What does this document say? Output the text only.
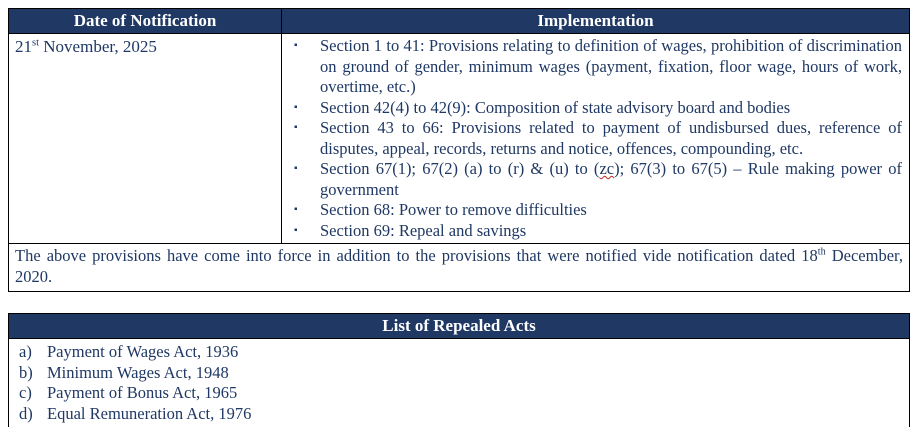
Date of Notification	Implementation
21st November, 2025	▪	Section 1 to 41: Provisions relating to definition of wages, prohibition of discrimination on ground of gender, minimum wages (payment, fixation, floor wage, hours of work, overtime, etc.)
▪	Section 42(4) to 42(9): Composition of state advisory board and bodies
▪	Section 43 to 66: Provisions related to payment of undisbursed dues, reference of disputes, appeal, records, returns and notice, offences, compounding, etc.
▪	Section 67(1); 67(2) (a) to (r) & (u) to (zc); 67(3) to 67(5) – Rule making power of government
▪	Section 68: Power to remove difficulties
▪	Section 69: Repeal and savings

The above provisions have come into force in addition to the provisions that were notified vide notification dated 18th December, 2020.	
List of Repealed Acts

a) Payment of Wages Act, 1936
b) Minimum Wages Act, 1948
c) Payment of Bonus Act, 1965
d) Equal Remuneration Act, 1976
